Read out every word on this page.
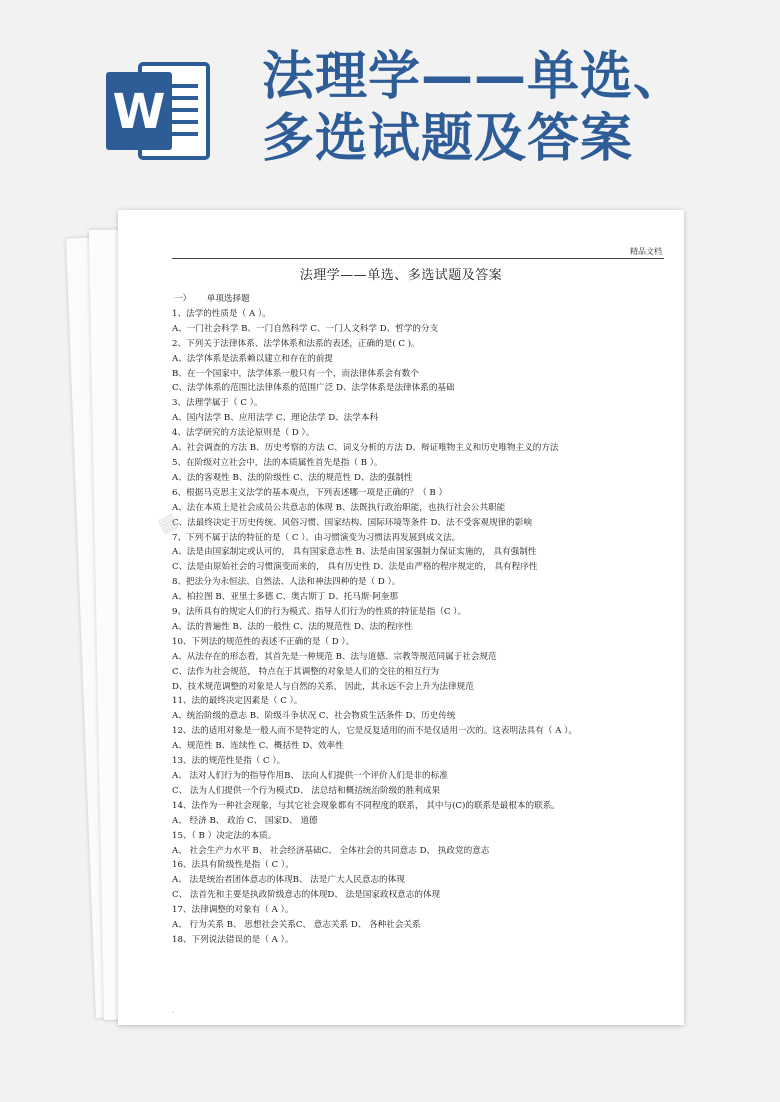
W
法理学——单选、
多选试题及答案
精品文档
法理学——单选、多选试题及答案
一） 单项选择题
1、法学的性质是（ A ）。
A、一门社会科学 B、一门自然科学 C、一门人文科学 D、哲学的分支
2、下列关于法律体系、法学体系和法系的表述，正确的是( C )。
A、法学体系是法系赖以建立和存在的前提
B、在一个国家中，法学体系一般只有一个，而法律体系会有数个
C、法学体系的范围比法律体系的范围广泛 D、法学体系是法律体系的基础
3、法理学属于（ C ）。
A、国内法学 B、应用法学 C、理论法学 D、法学本科
4、法学研究的方法论原则是（ D ）。
A、社会调查的方法 B、历史考察的方法 C、词义分析的方法 D、辩证唯物主义和历史唯物主义的方法
5、在阶级对立社会中，法的本质属性首先是指（ B ）。
A、法的客观性 B、法的阶级性 C、法的规范性 D、法的强制性
6、根据马克思主义法学的基本观点，下列表述哪一项是正确的？（ B ）
A、法在本质上是社会成员公共意志的体现 B、法既执行政治职能，也执行社会公共职能
C、法最终决定于历史传统、风俗习惯、国家结构、国际环境等条件 D、法不受客观规律的影响
7、下列不属于法的特征的是（ C ）。由习惯演变为习惯法再发展到成文法。
A、法是由国家制定或认可的， 具有国家意志性 B、法是由国家强制力保证实施的， 具有强制性
C、法是由原始社会的习惯演变而来的， 具有历史性 D、法是由严格的程序规定的， 具有程序性
8、把法分为永恒法、自然法、人法和神法四种的是（ D ）。
A、柏拉图 B、亚里士多德 C、奥古斯丁 D、托马斯·阿奎那
9、法所具有的规定人们的行为模式、指导人们行为的性质的特征是指（C ）。
A、法的普遍性 B、法的一般性 C、法的规范性 D、法的程序性
10、下列法的规范性的表述不正确的是（ D ）。
A、从法存在的形态看，其首先是一种规范 B、法与道德、宗教等规范同属于社会规范
C、法作为社会规范， 特点在于其调整的对象是人们的交往的相互行为
D、技术规范调整的对象是人与自然的关系， 因此，其永远不会上升为法律规范
11、法的最终决定因素是（ C ）。
A、统治阶级的意志 B、阶级斗争状况 C、社会物质生活条件 D、历史传统
12、法的适用对象是一般人而不是特定的人，它是反复适用的而不是仅适用一次的。这表明法具有（ A ）。
A、规范性 B、连续性 C、概括性 D、效率性
13、法的规范性是指（ C ）。
A、 法对人们行为的指导作用B、 法向人们提供一个评价人们是非的标准
C、 法为人们提供一个行为模式D、 法总结和概括统治阶级的胜利成果
14、法作为一种社会现象，与其它社会现象都有不同程度的联系， 其中与(C)的联系是最根本的联系。
A、 经济 B、 政治 C、 国家D、 道德
15、（ B ）决定法的本质。
A、 社会生产力水平 B、 社会经济基础C、 全体社会的共同意志 D、 执政党的意志
16、法具有阶级性是指（ C ）。
A、 法是统治者团体意志的体现B、 法是广大人民意志的体现
C、 法首先和主要是执政阶级意志的体现D、 法是国家政权意志的体现
17、法律调整的对象有（ A ）。
A、 行为关系 B、 思想社会关系C、 意志关系 D、 各种社会关系
18、下列说法错误的是（ A ）。
.
▦
